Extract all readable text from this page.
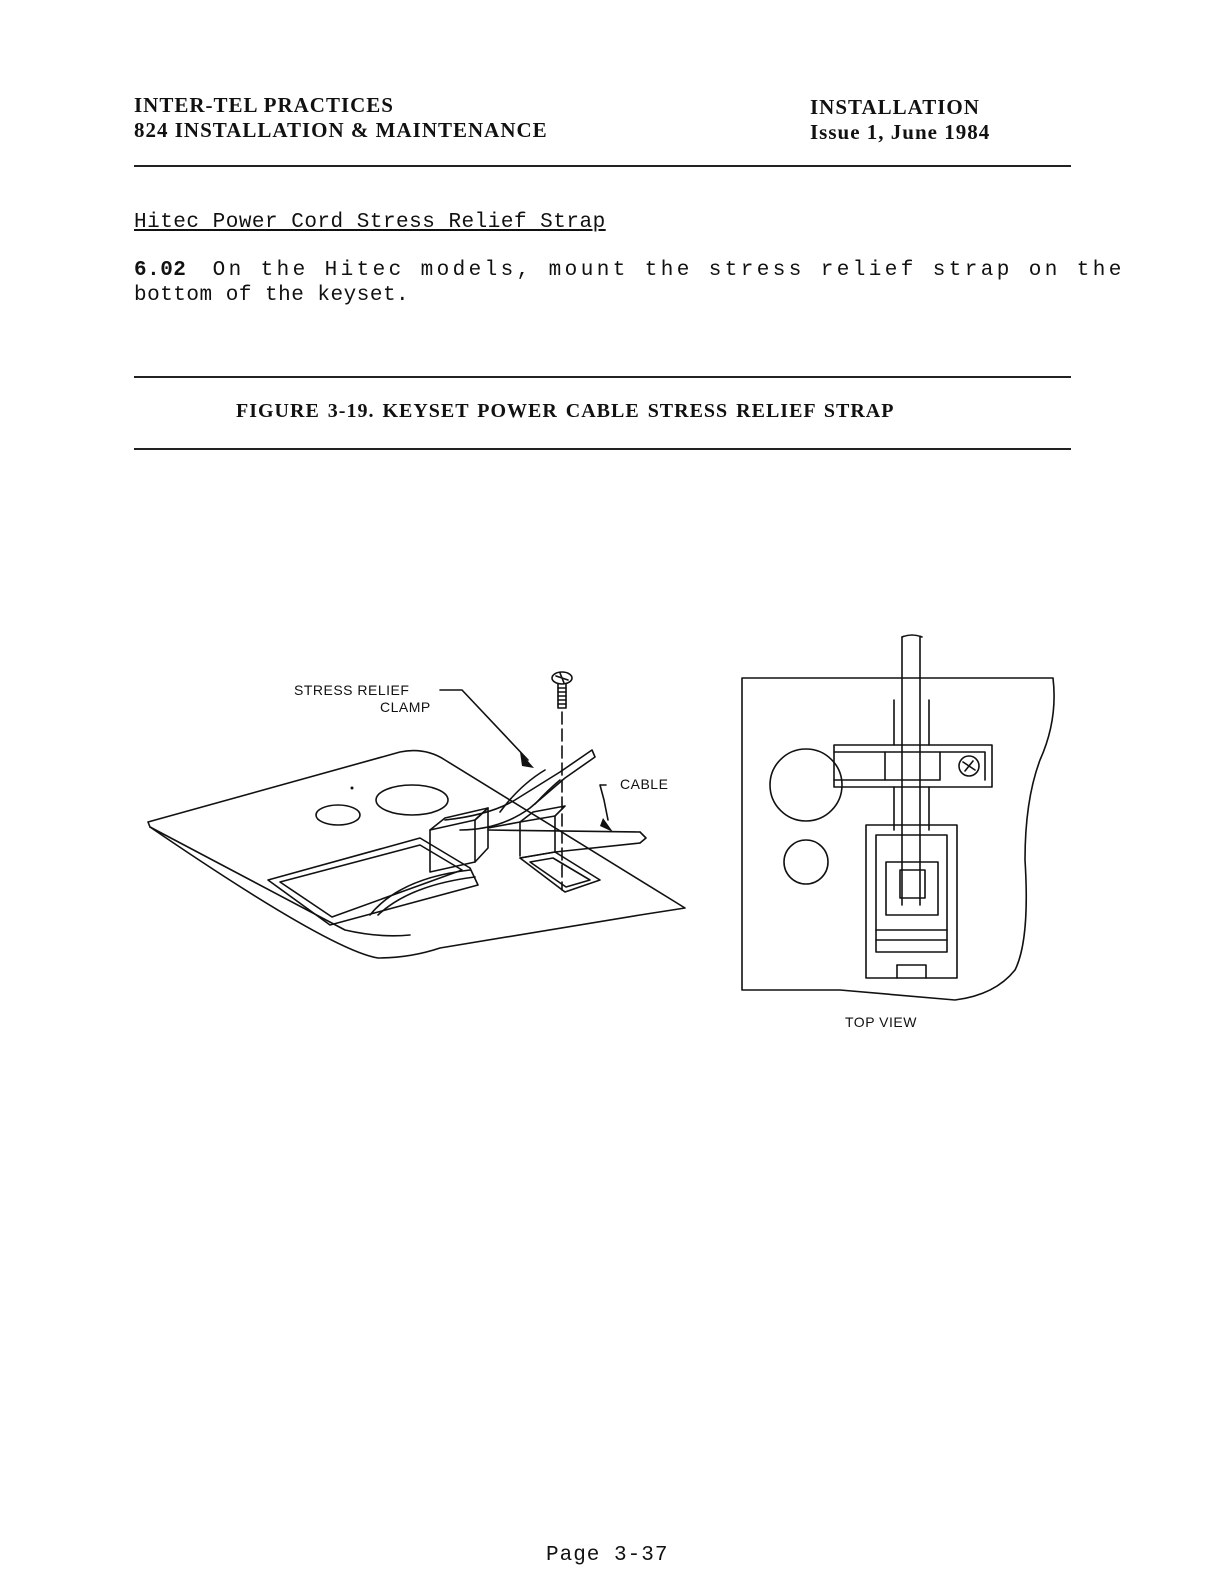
INTER-TEL PRACTICES
824 INSTALLATION & MAINTENANCE
INSTALLATION
Issue 1, June 1984
Hitec Power Cord Stress Relief Strap
6.02 On the Hitec models, mount the stress relief strap on the
bottom of the keyset.
FIGURE 3-19. KEYSET POWER CABLE STRESS RELIEF STRAP
STRESS RELIEF
CLAMP
CABLE
TOP VIEW
Page 3-37
